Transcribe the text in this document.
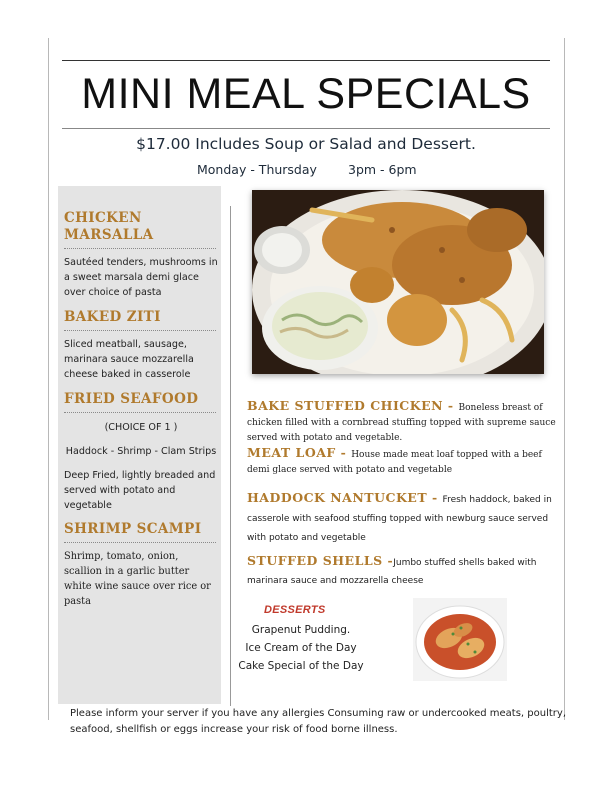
MINI MEAL SPECIALS
$17.00 Includes Soup or Salad and Dessert.
Monday - Thursday 3pm - 6pm
CHICKEN MARSALLA
Sautéed tenders, mushrooms in a sweet marsala demi glace over choice of pasta
BAKED ZITI
Sliced meatball, sausage, marinara sauce mozzarella cheese baked in casserole
FRIED SEAFOOD
(CHOICE OF 1 )
Haddock - Shrimp - Clam Strips
Deep Fried, lightly breaded and served with potato and vegetable
SHRIMP SCAMPI
Shrimp, tomato, onion, scallion in a garlic butter white wine sauce over rice or pasta
BAKE STUFFED CHICKEN - Boneless breast of chicken filled with a cornbread stuffing topped with supreme sauce served with potato and vegetable.
MEAT LOAF - House made meat loaf topped with a beef demi glace served with potato and vegetable
HADDOCK NANTUCKET - Fresh haddock, baked in casserole with seafood stuffing topped with newburg sauce served with potato and vegetable
STUFFED SHELLS -Jumbo stuffed shells baked with marinara sauce and mozzarella cheese
DESSERTS
Grapenut Pudding.
Ice Cream of the Day
Cake Special of the Day
Please inform your server if you have any allergies Consuming raw or undercooked meats, poultry, seafood, shellfish or eggs increase your risk of food borne illness.
